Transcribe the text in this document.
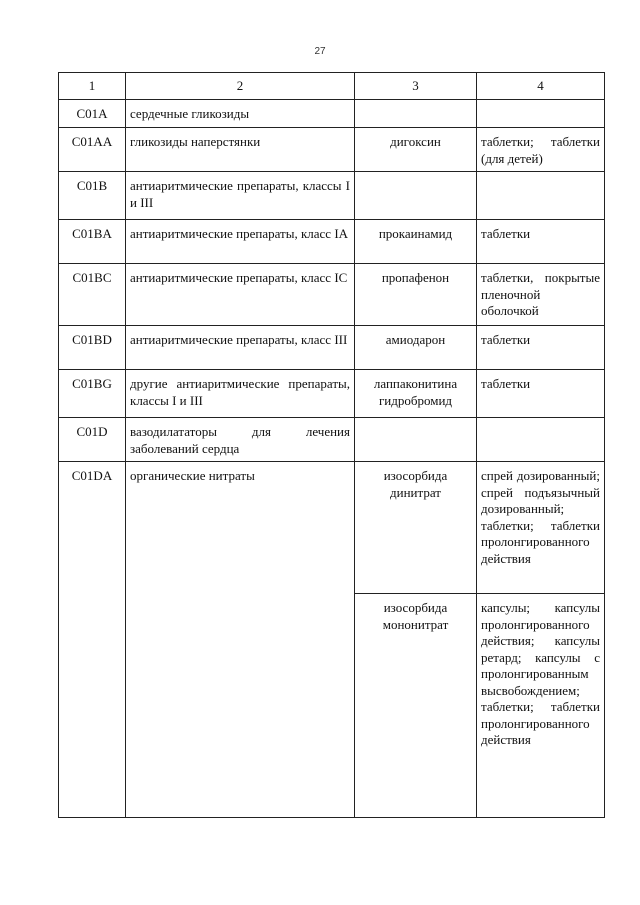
27
1	2	3	4
C01A	сердечные гликозиды		
C01AA	гликозиды наперстянки	дигоксин	таблетки; таблетки (для детей)
C01B	антиаритмические препараты, классы I и III		
C01BA	антиаритмические препараты, класс IA	прокаинамид	таблетки
C01BC	антиаритмические препараты, класс IC	пропафенон	таблетки, покрытые пленочной оболочкой
C01BD	антиаритмические препараты, класс III	амиодарон	таблетки
C01BG	другие антиаритмические препараты, классы I и III	лаппаконитина гидробромид	таблетки
C01D	вазодилататоры для лечения заболеваний сердца		
C01DA	органические нитраты	изосорбида динитрат	спрей дозированный; спрей подъязычный дозированный; таблетки; таблетки пролонгированного действия
		изосорбида мононитрат	капсулы; капсулы пролонгированного действия; капсулы ретард; капсулы с пролонгированным высвобождением; таблетки; таблетки пролонгированного действия
